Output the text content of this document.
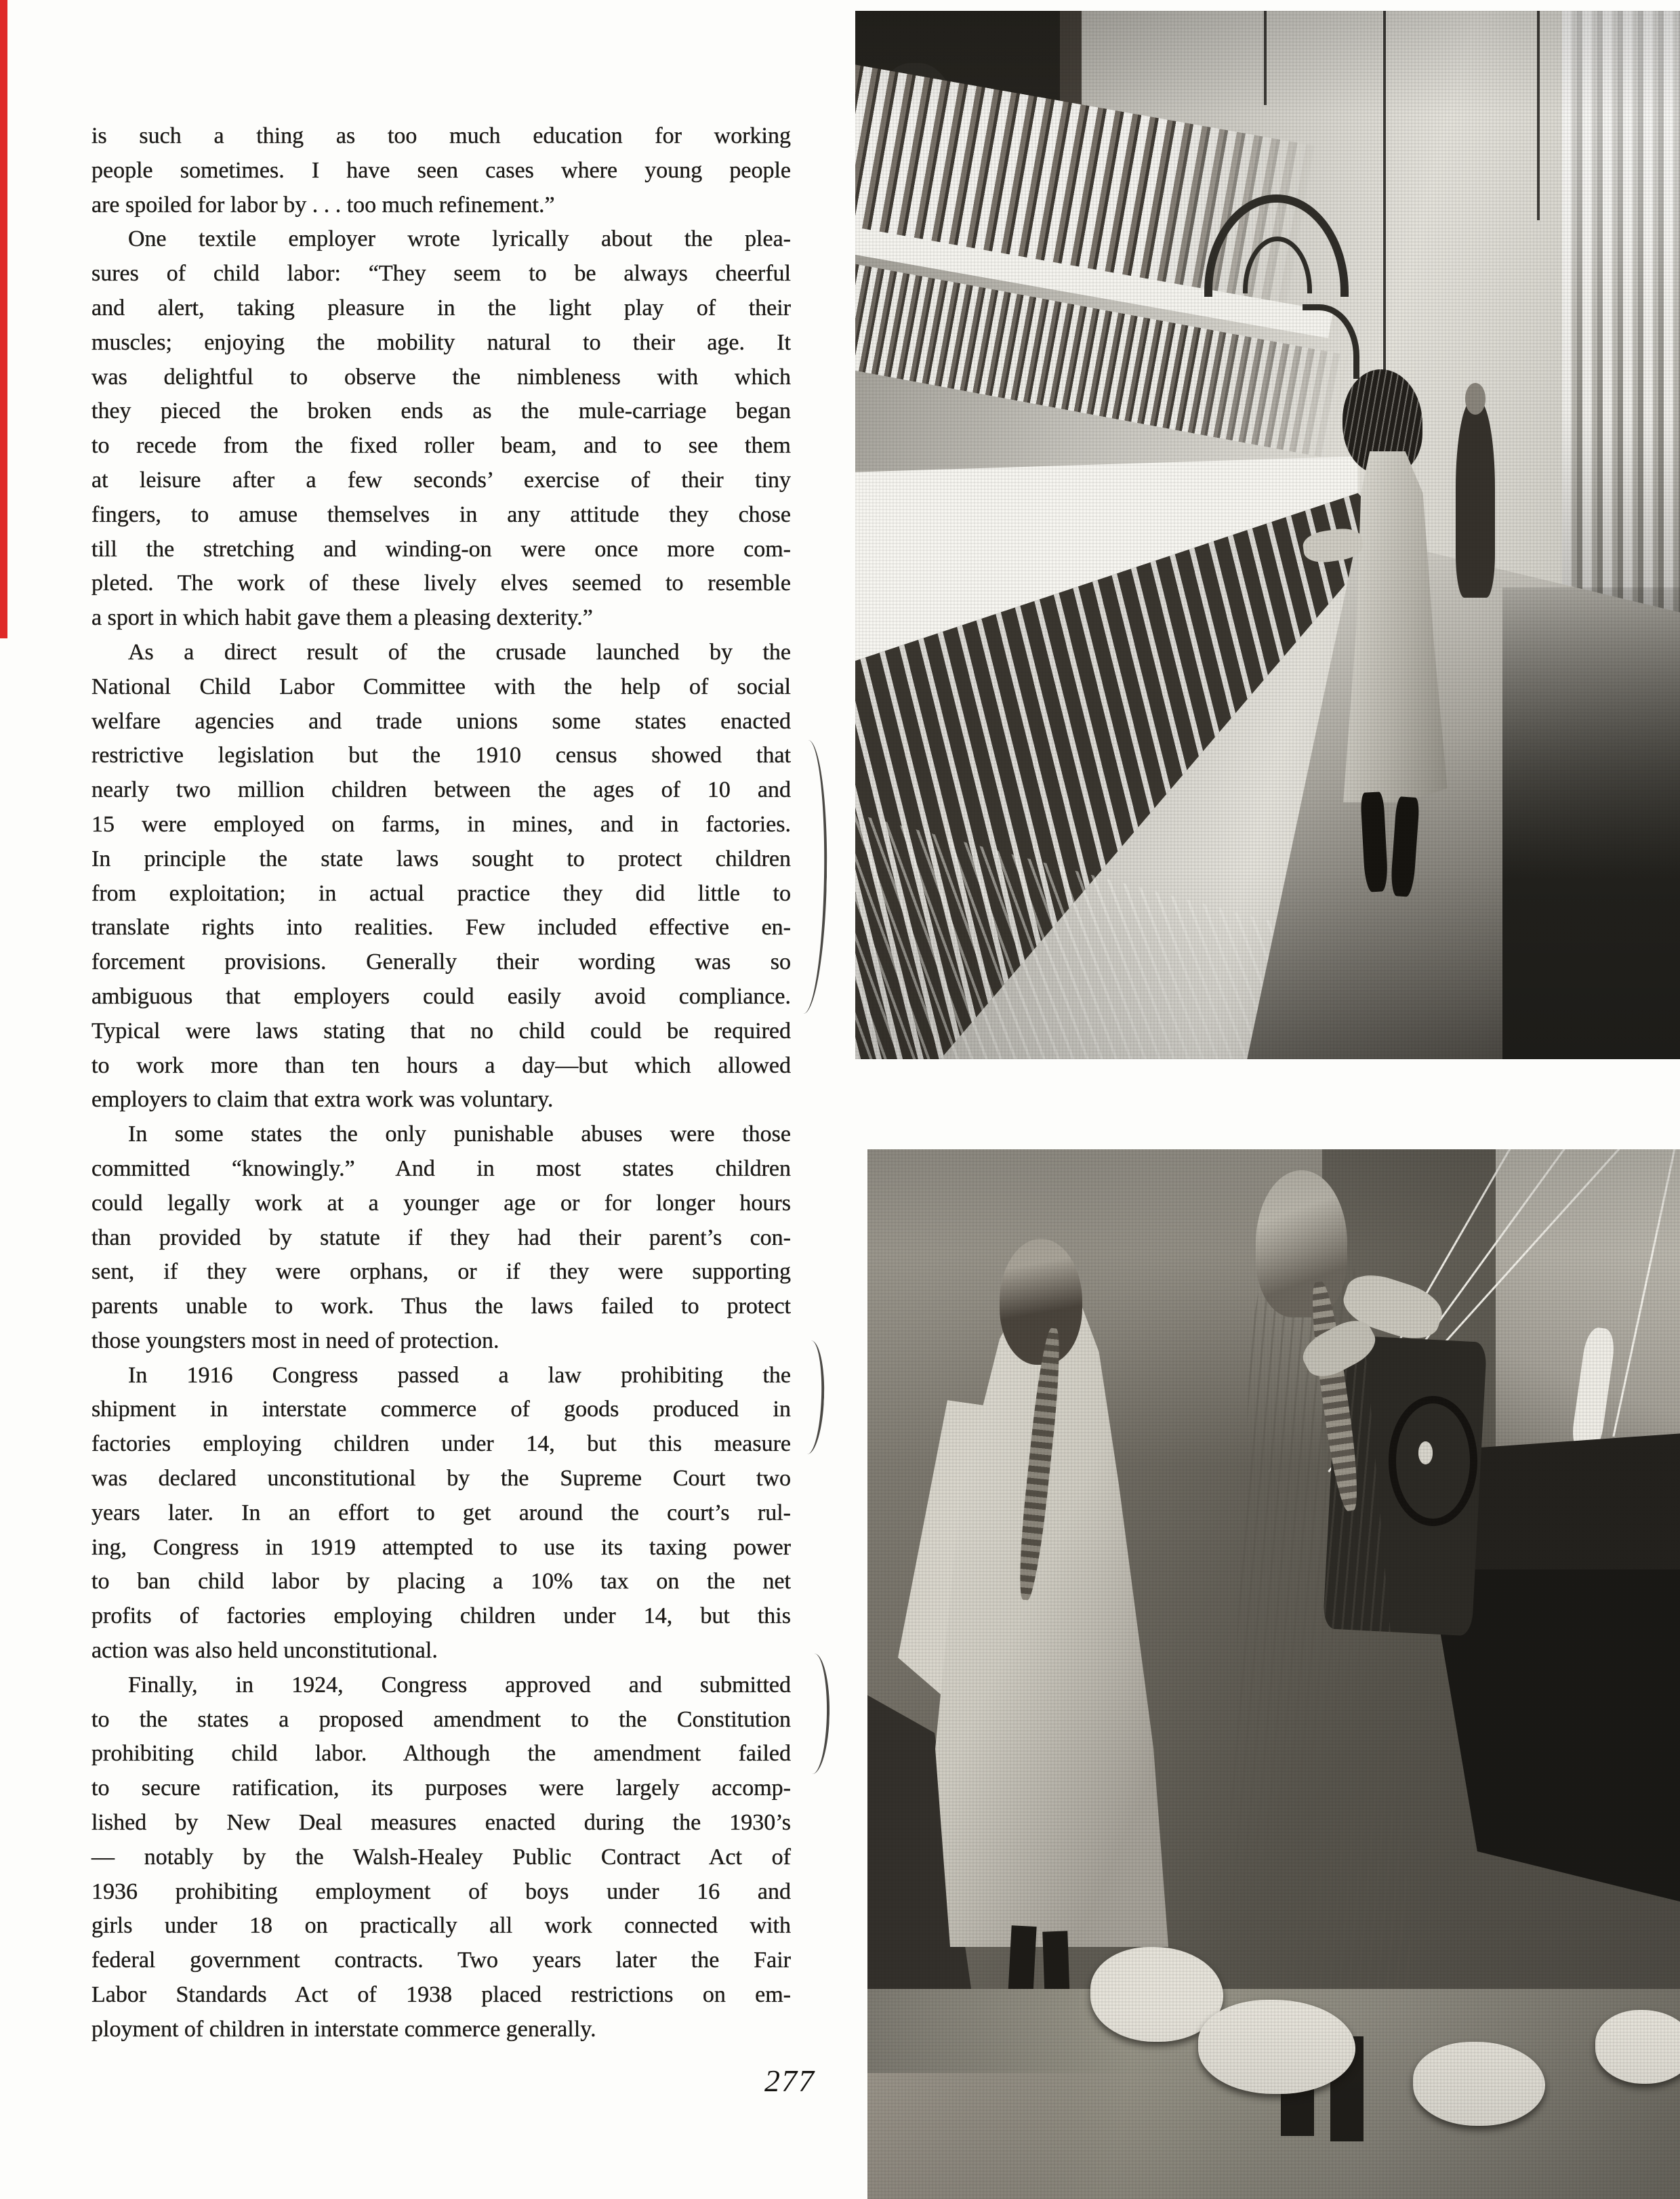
is such a thing as too much education for working
people sometimes. I have seen cases where young people
are spoiled for labor by . . . too much refinement.”
One textile employer wrote lyrically about the plea-
sures of child labor: “They seem to be always cheerful
and alert, taking pleasure in the light play of their
muscles; enjoying the mobility natural to their age. It
was delightful to observe the nimbleness with which
they pieced the broken ends as the mule-carriage began
to recede from the fixed roller beam, and to see them
at leisure after a few seconds’ exercise of their tiny
fingers, to amuse themselves in any attitude they chose
till the stretching and winding-on were once more com-
pleted. The work of these lively elves seemed to resemble
a sport in which habit gave them a pleasing dexterity.”
As a direct result of the crusade launched by the
National Child Labor Committee with the help of social
welfare agencies and trade unions some states enacted
restrictive legislation but the 1910 census showed that
nearly two million children between the ages of 10 and
15 were employed on farms, in mines, and in factories.
In principle the state laws sought to protect children
from exploitation; in actual practice they did little to
translate rights into realities. Few included effective en-
forcement provisions. Generally their wording was so
ambiguous that employers could easily avoid compliance.
Typical were laws stating that no child could be required
to work more than ten hours a day—but which allowed
employers to claim that extra work was voluntary.
In some states the only punishable abuses were those
committed “knowingly.” And in most states children
could legally work at a younger age or for longer hours
than provided by statute if they had their parent’s con-
sent, if they were orphans, or if they were supporting
parents unable to work. Thus the laws failed to protect
those youngsters most in need of protection.
In 1916 Congress passed a law prohibiting the
shipment in interstate commerce of goods produced in
factories employing children under 14, but this measure
was declared unconstitutional by the Supreme Court two
years later. In an effort to get around the court’s rul-
ing, Congress in 1919 attempted to use its taxing power
to ban child labor by placing a 10% tax on the net
profits of factories employing children under 14, but this
action was also held unconstitutional.
Finally, in 1924, Congress approved and submitted
to the states a proposed amendment to the Constitution
prohibiting child labor. Although the amendment failed
to secure ratification, its purposes were largely accomp-
lished by New Deal measures enacted during the 1930’s
— notably by the Walsh-Healey Public Contract Act of
1936 prohibiting employment of boys under 16 and
girls under 18 on practically all work connected with
federal government contracts. Two years later the Fair
Labor Standards Act of 1938 placed restrictions on em-
ployment of children in interstate commerce generally.
277
